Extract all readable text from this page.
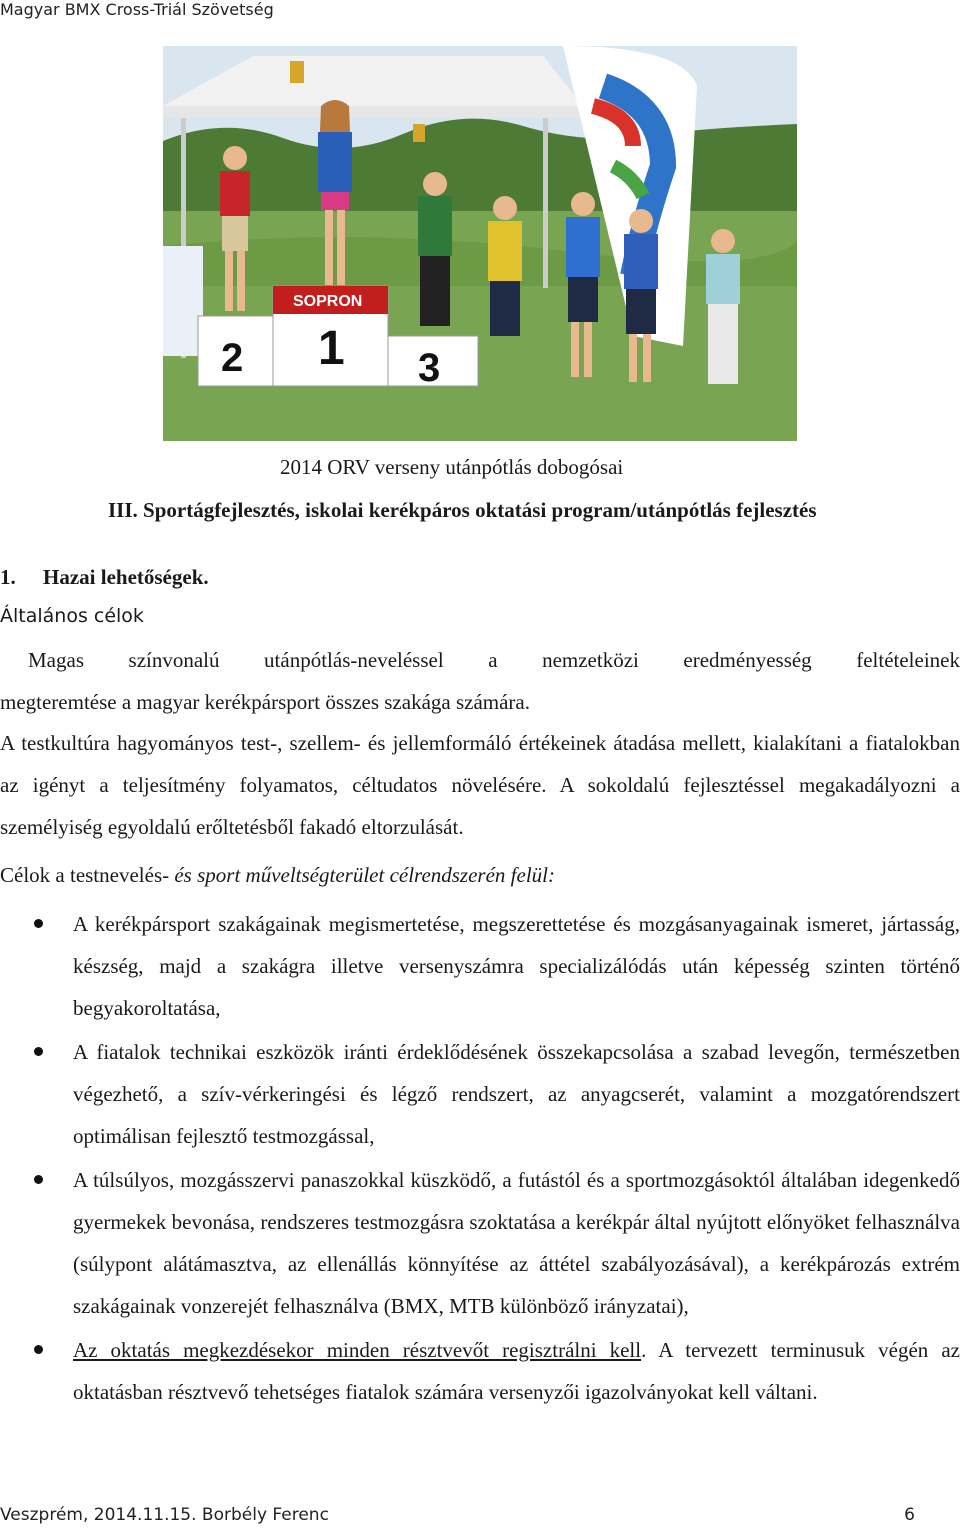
Magyar BMX Cross-Triál Szövetség
2 1 3
SOPRON
2014 ORV verseny utánpótlás dobogósai
III. Sportágfejlesztés, iskolai kerékpáros oktatási program/utánpótlás fejlesztés
1. Hazai lehetőségek.
Általános célok
Magas színvonalú utánpótlás-neveléssel a nemzetközi eredményesség feltételeinek
megteremtése a magyar kerékpársport összes szakága számára.
A testkultúra hagyományos test-, szellem- és jellemformáló értékeinek átadása mellett, kialakítani a fiatalokban az igényt a teljesítmény folyamatos, céltudatos növelésére. A sokoldalú fejlesztéssel megakadályozni a személyiség egyoldalú erőltetésből fakadó eltorzulását.
Célok a testnevelés- és sport műveltségterület célrendszerén felül:
A kerékpársport szakágainak megismertetése, megszerettetése és mozgásanyagainak ismeret, jártasság, készség, majd a szakágra illetve versenyszámra specializálódás után képesség szinten történő begyakoroltatása,
A fiatalok technikai eszközök iránti érdeklődésének összekapcsolása a szabad levegőn, természetben végezhető, a szív-vérkeringési és légző rendszert, az anyagcserét, valamint a mozgatórendszert optimálisan fejlesztő testmozgással,
A túlsúlyos, mozgásszervi panaszokkal küszködő, a futástól és a sportmozgásoktól általában idegenkedő gyermekek bevonása, rendszeres testmozgásra szoktatása a kerékpár által nyújtott előnyöket felhasználva (súlypont alátámasztva, az ellenállás könnyítése az áttétel szabályozásával), a kerékpározás extrém szakágainak vonzerejét felhasználva (BMX, MTB különböző irányzatai),
Az oktatás megkezdésekor minden résztvevőt regisztrálni kell. A tervezett terminusuk végén az oktatásban résztvevő tehetséges fiatalok számára versenyzői igazolványokat kell váltani.
Veszprém, 2014.11.15. Borbély Ferenc	6
